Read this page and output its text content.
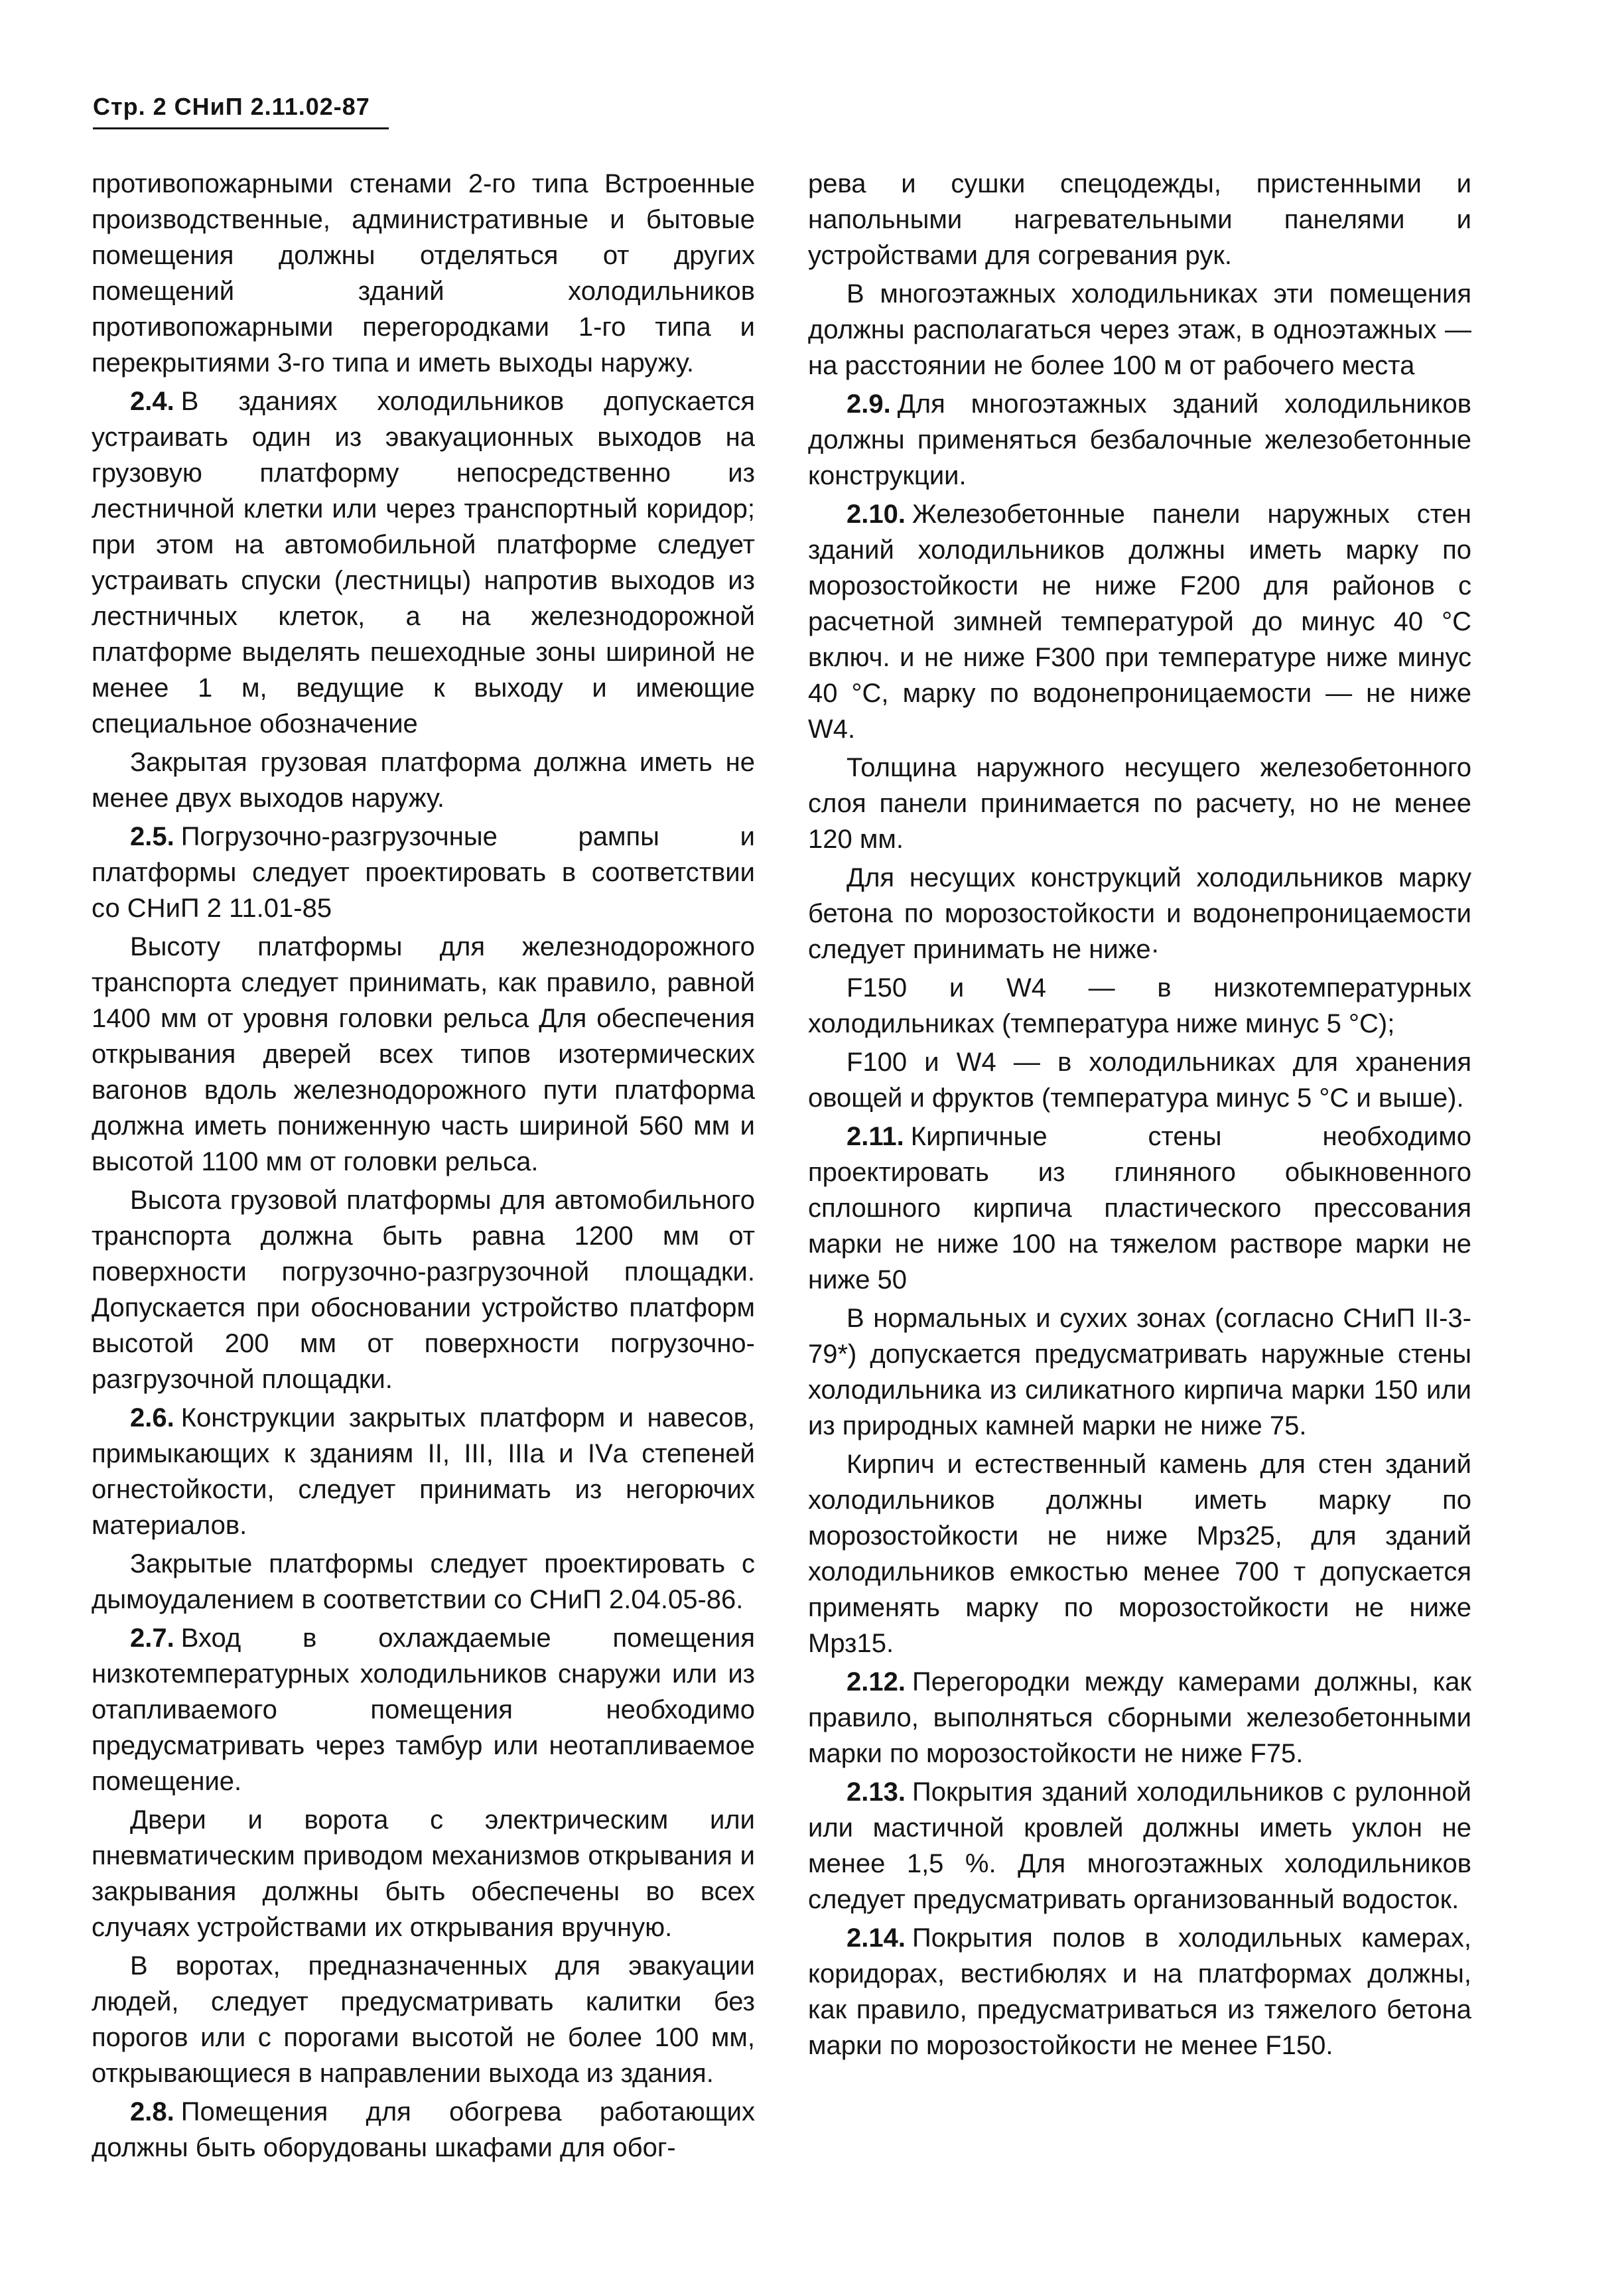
Стр. 2 СНиП 2.11.02-87

противопожарными стенами 2-го типа Встроенные производственные, административные и бытовые помещения должны отделяться от других помещений зданий холодильников противопожарными перегородками 1-го типа и перекрытиями 3-го типа и иметь выходы наружу.

2.4. В зданиях холодильников допускается устраивать один из эвакуационных выходов на грузовую платформу непосредственно из лестничной клетки или через транспортный коридор; при этом на автомобильной платформе следует устраивать спуски (лестницы) напротив выходов из лестничных клеток, а на железнодорожной платформе выделять пешеходные зоны шириной не менее 1 м, ведущие к выходу и имеющие специальное обозначение

Закрытая грузовая платформа должна иметь не менее двух выходов наружу.

2.5. Погрузочно-разгрузочные рампы и платформы следует проектировать в соответствии со СНиП 2 11.01-85

Высоту платформы для железнодорожного транспорта следует принимать, как правило, равной 1400 мм от уровня головки рельса Для обеспечения открывания дверей всех типов изотермических вагонов вдоль железнодорожного пути платформа должна иметь пониженную часть шириной 560 мм и высотой 1100 мм от головки рельса.

Высота грузовой платформы для автомобильного транспорта должна быть равна 1200 мм от поверхности погрузочно-разгрузочной площадки. Допускается при обосновании устройство платформ высотой 200 мм от поверхности погрузочно-разгрузочной площадки.

2.6. Конструкции закрытых платформ и навесов, примыкающих к зданиям II, III, IIIа и IVа степеней огнестойкости, следует принимать из негорючих материалов.

Закрытые платформы следует проектировать с дымоудалением в соответствии со СНиП 2.04.05-86.

2.7. Вход в охлаждаемые помещения низкотемпературных холодильников снаружи или из отапливаемого помещения необходимо предусматривать через тамбур или неотапливаемое помещение.

Двери и ворота с электрическим или пневматическим приводом механизмов открывания и закрывания должны быть обеспечены во всех случаях устройствами их открывания вручную.

В воротах, предназначенных для эвакуации людей, следует предусматривать калитки без порогов или с порогами высотой не более 100 мм, открывающиеся в направлении выхода из здания.

2.8. Помещения для обогрева работающих должны быть оборудованы шкафами для обог-

рева и сушки спецодежды, пристенными и напольными нагревательными панелями и устройствами для согревания рук.

В многоэтажных холодильниках эти помещения должны располагаться через этаж, в одноэтажных — на расстоянии не более 100 м от рабочего места

2.9. Для многоэтажных зданий холодильников должны применяться безбалочные железобетонные конструкции.

2.10. Железобетонные панели наружных стен зданий холодильников должны иметь марку по морозостойкости не ниже F200 для районов с расчетной зимней температурой до минус 40 °С включ. и не ниже F300 при температуре ниже минус 40 °С, марку по водонепроницаемости — не ниже W4.

Толщина наружного несущего железобетонного слоя панели принимается по расчету, но не менее 120 мм.

Для несущих конструкций холодильников марку бетона по морозостойкости и водонепроницаемости следует принимать не ниже·

F150 и W4 — в низкотемпературных холодильниках (температура ниже минус 5 °С);

F100 и W4 — в холодильниках для хранения овощей и фруктов (температура минус 5 °С и выше).

2.11. Кирпичные стены необходимо проектировать из глиняного обыкновенного сплошного кирпича пластического прессования марки не ниже 100 на тяжелом растворе марки не ниже 50

В нормальных и сухих зонах (согласно СНиП II-3-79*) допускается предусматривать наружные стены холодильника из силикатного кирпича марки 150 или из природных камней марки не ниже 75.

Кирпич и естественный камень для стен зданий холодильников должны иметь марку по морозостойкости не ниже Мрз25, для зданий холодильников емкостью менее 700 т допускается применять марку по морозостойкости не ниже Мрз15.

2.12. Перегородки между камерами должны, как правило, выполняться сборными железобетонными марки по морозостойкости не ниже F75.

2.13. Покрытия зданий холодильников с рулонной или мастичной кровлей должны иметь уклон не менее 1,5 %. Для многоэтажных холодильников следует предусматривать организованный водосток.

2.14. Покрытия полов в холодильных камерах, коридорах, вестибюлях и на платформах должны, как правило, предусматриваться из тяжелого бетона марки по морозостойкости не менее F150.
